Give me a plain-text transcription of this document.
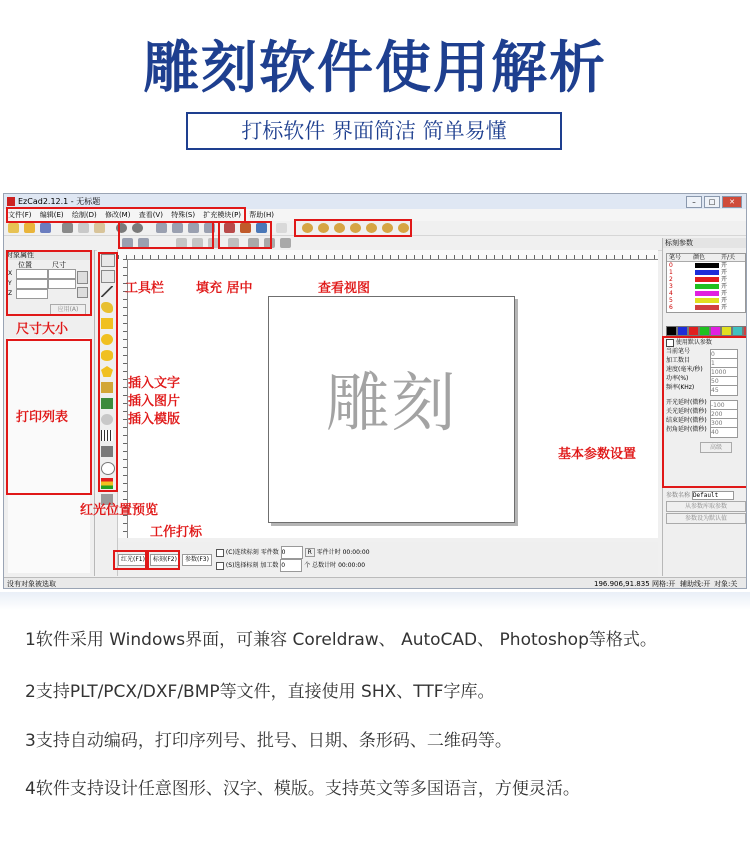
雕刻软件使用解析
打标软件 界面简洁 简单易懂
EzCad2.12.1 - 无标题	–	□	✕
文件(F) 编辑(E) 绘制(D) 修改(M) 查看(V) 特殊(S) 扩充模块(P) 帮助(H)
对象属性
位置	尺寸
X
Y
Z
应用(A)
雕刻
标刻参数
笔号	颜色	开/关
0	开
1	开
2	开
3	开
4	开
5	开
6	开
使用默认参数
当前笔号	0
加工数目	1
速度(毫米/秒) 1000
功率(%)	50
频率(KHz)	45
开光延时(微秒) -100
关光延时(微秒) 200
结束延时(微秒) 300
拐角延时(微秒) 40
高级
参数名称 Default
从参数库取参数
参数设为默认值
红光(F1)	标刻(F2)	参数(F3)
(C)连续标刻 零件数 0	R 零件计时 00:00:00
(S)选择标刻 加工数 0	个 总数计时 00:00:00
没有对象被选取	196.906,91.835 网格:开 辅助线:开 对象:关
工具栏 填充 居中	查看视图
尺寸大小
打印列表
插入文字
插入图片
插入模版
红光位置预览
工作打标
基本参数设置
1软件采用 Windows界面，可兼容 Coreldraw、 AutoCAD、 Photoshop等格式。
2支持PLT/PCX/DXF/BMP等文件，直接使用 SHX、TTF字库。
3支持自动编码，打印序列号、批号、日期、条形码、二维码等。
4软件支持设计任意图形、汉字、模版。支持英文等多国语言，方便灵活。
